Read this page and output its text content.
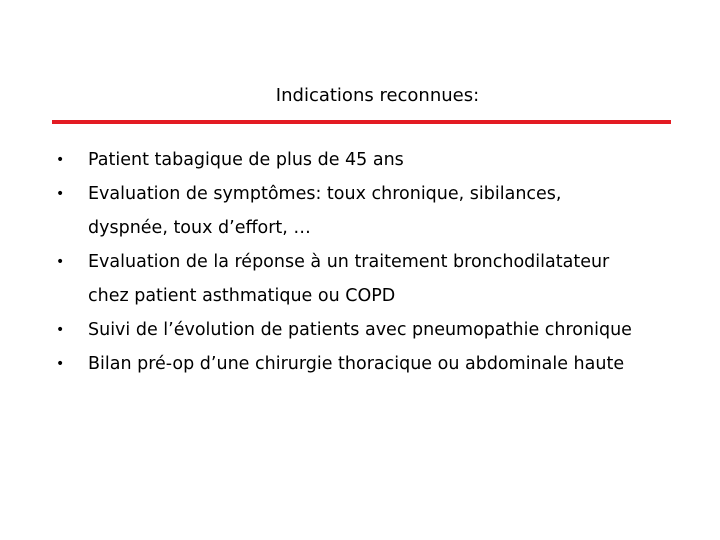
Indications reconnues:
•	Patient tabagique de plus de 45 ans
•	Evaluation de symptômes: toux chronique, sibilances,
dyspnée, toux d’effort, …
•	Evaluation de la réponse à un traitement bronchodilatateur
chez patient asthmatique ou COPD
•	Suivi de l’évolution de patients avec pneumopathie chronique
•	Bilan pré-op d’une chirurgie thoracique ou abdominale haute
